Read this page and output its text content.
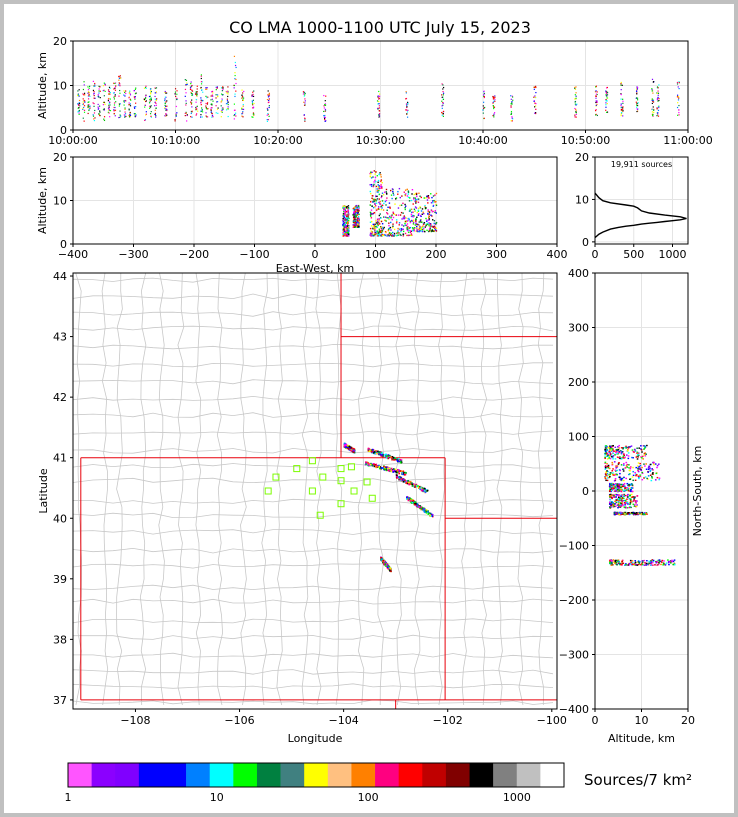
CO LMA 1000-1100 UTC July 15, 2023
10:00:00	10:10:00	10:20:00	10:30:00	10:40:00	10:50:00	11:00:00
0
10
20
Altitude, km
−400	−300	−200	−100	0	100	200	300	400
0
10
20
East-West, km
Altitude, km
19,911 sources
0 500 1000
0
10
20
−108	−106	−104	−102	−100
37
38
39
40
41
42
43
44
Longitude
Latitude
0	10	20
−400
−300
−200
−100
0
100
200
300
400
Altitude, km
North-South, km
1	10	100	1000
Sources/7 km²
